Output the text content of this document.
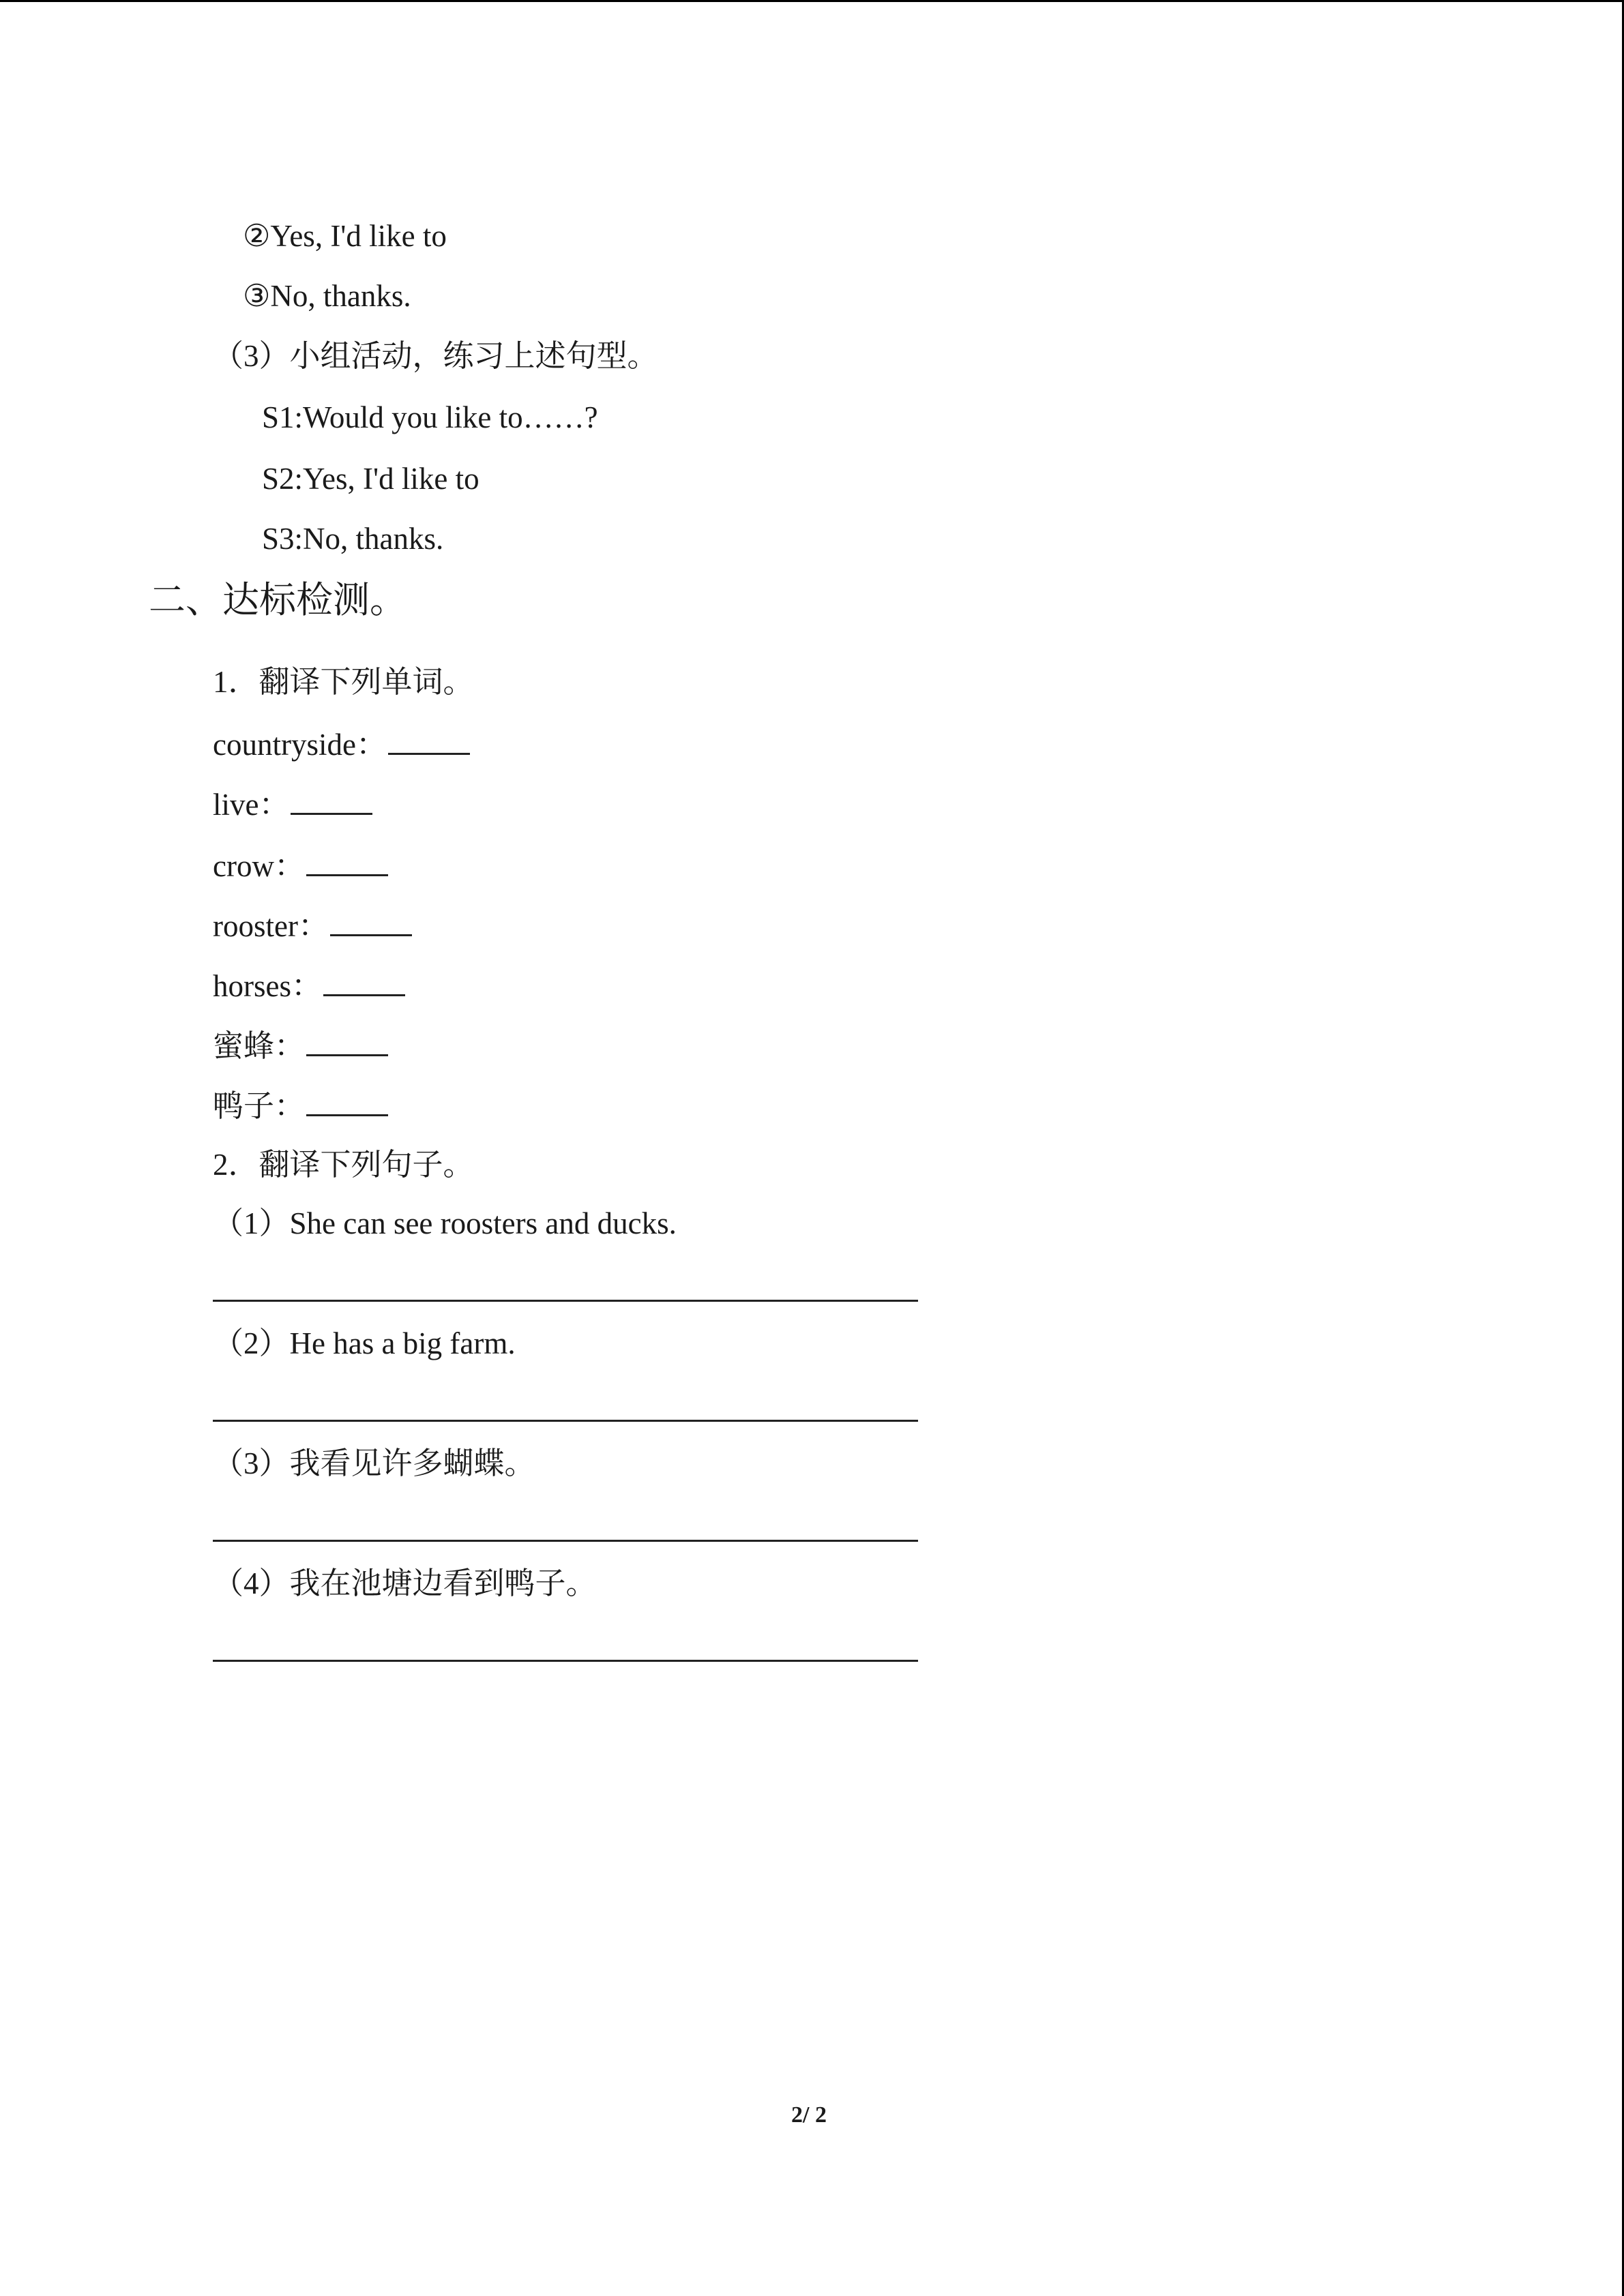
②Yes, I'd like to
③No, thanks.
（3）小组活动，练习上述句型。
S1:Would you like to……?
S2:Yes, I'd like to
S3:No, thanks.
二、达标检测。
1．翻译下列单词。
countryside：
live：
crow：
rooster：
horses：
蜜蜂：
鸭子：
2．翻译下列句子。
（1）She can see roosters and ducks.
（2）He has a big farm.
（3）我看见许多蝴蝶。
（4）我在池塘边看到鸭子。
2/ 2
